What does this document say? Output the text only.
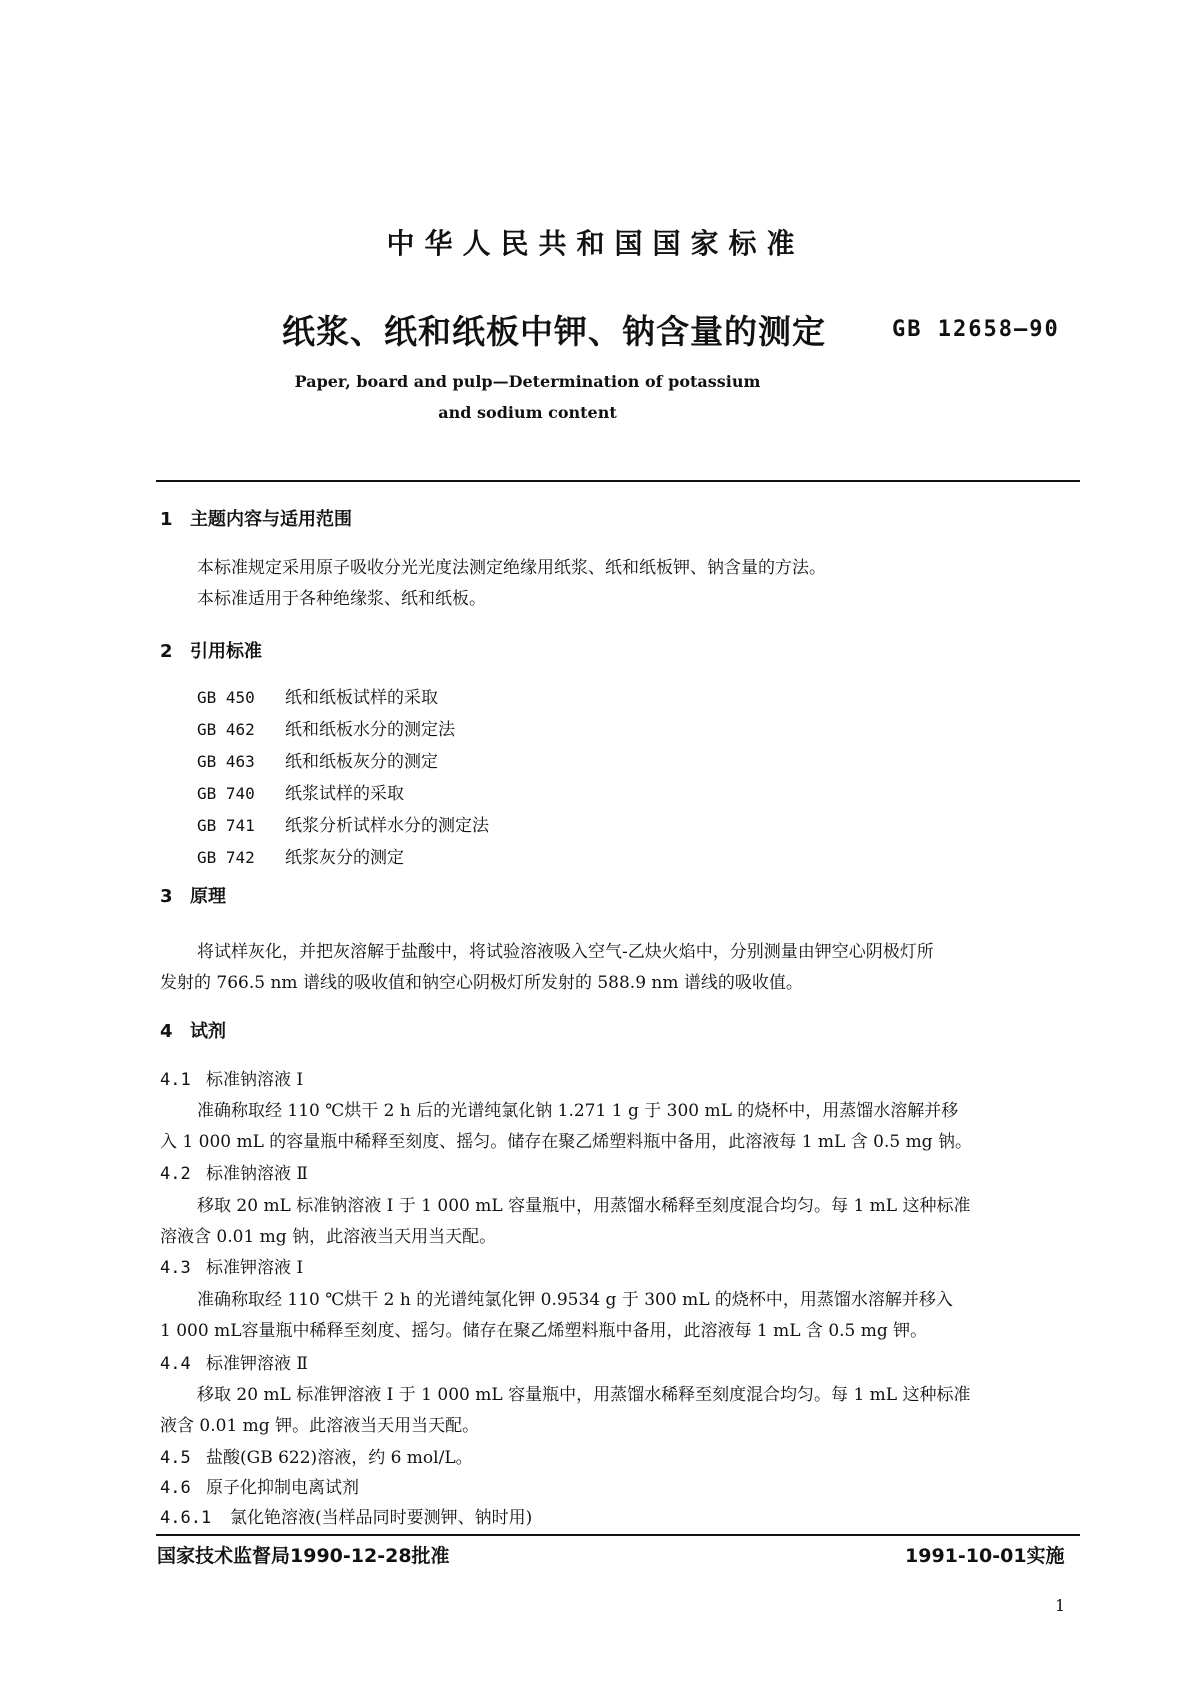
中华人民共和国国家标准
纸浆、纸和纸板中钾、钠含量的测定	GB 12658—90
Paper, board and pulp—Determination of potassium
and sodium content
1 主题内容与适用范围
本标准规定采用原子吸收分光光度法测定绝缘用纸浆、纸和纸板钾、钠含量的方法。
本标准适用于各种绝缘浆、纸和纸板。
2 引用标准
GB 450 纸和纸板试样的采取
GB 462 纸和纸板水分的测定法
GB 463 纸和纸板灰分的测定
GB 740 纸浆试样的采取
GB 741 纸浆分析试样水分的测定法
GB 742 纸浆灰分的测定
3 原理
将试样灰化，并把灰溶解于盐酸中，将试验溶液吸入空气-乙炔火焰中，分别测量由钾空心阴极灯所
发射的 766.5 nm 谱线的吸收值和钠空心阴极灯所发射的 588.9 nm 谱线的吸收值。
4 试剂
4.1 标准钠溶液 I
准确称取经 110 ℃烘干 2 h 后的光谱纯氯化钠 1.271 1 g 于 300 mL 的烧杯中，用蒸馏水溶解并移
入 1 000 mL 的容量瓶中稀释至刻度、摇匀。储存在聚乙烯塑料瓶中备用，此溶液每 1 mL 含 0.5 mg 钠。
4.2 标准钠溶液 Ⅱ
移取 20 mL 标准钠溶液 I 于 1 000 mL 容量瓶中，用蒸馏水稀释至刻度混合均匀。每 1 mL 这种标准
溶液含 0.01 mg 钠，此溶液当天用当天配。
4.3 标准钾溶液 I
准确称取经 110 ℃烘干 2 h 的光谱纯氯化钾 0.9534 g 于 300 mL 的烧杯中，用蒸馏水溶解并移入
1 000 mL容量瓶中稀释至刻度、摇匀。储存在聚乙烯塑料瓶中备用，此溶液每 1 mL 含 0.5 mg 钾。
4.4 标准钾溶液 Ⅱ
移取 20 mL 标准钾溶液 I 于 1 000 mL 容量瓶中，用蒸馏水稀释至刻度混合均匀。每 1 mL 这种标准
液含 0.01 mg 钾。此溶液当天用当天配。
4.5 盐酸(GB 622)溶液，约 6 mol/L。
4.6 原子化抑制电离试剂
4.6.1 氯化铯溶液(当样品同时要测钾、钠时用)
国家技术监督局1990-12-28批准	1991-10-01实施
1
